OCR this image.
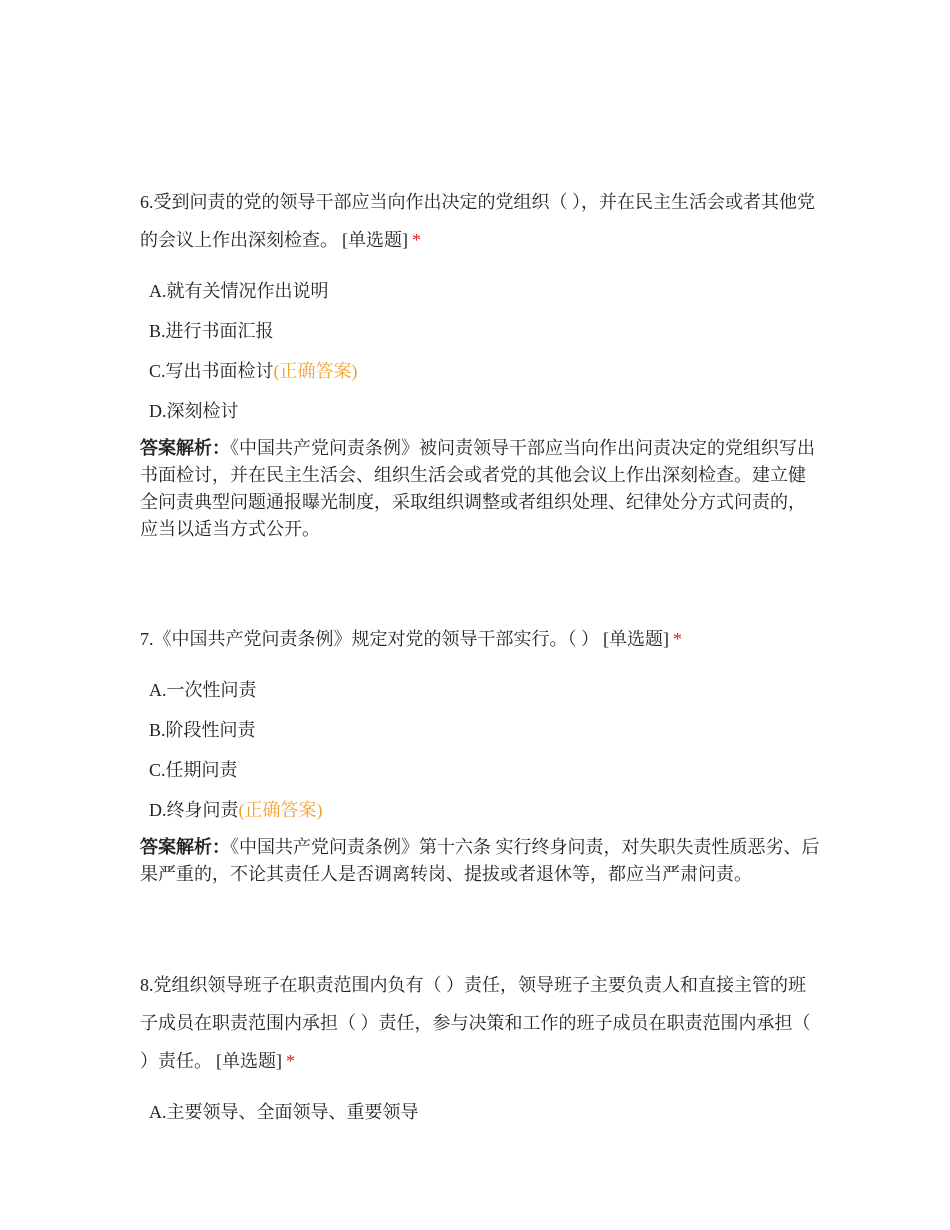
6.受到问责的党的领导干部应当向作出决定的党组织（ ），并在民主生活会或者其他党的会议上作出深刻检查。 [单选题] *

A.就有关情况作出说明
B.进行书面汇报
C.写出书面检讨(正确答案)
D.深刻检讨

答案解析：《中国共产党问责条例》被问责领导干部应当向作出问责决定的党组织写出书面检讨，并在民主生活会、组织生活会或者党的其他会议上作出深刻检查。建立健全问责典型问题通报曝光制度，采取组织调整或者组织处理、纪律处分方式问责的，应当以适当方式公开。

7.《中国共产党问责条例》规定对党的领导干部实行。（ ） [单选题] *

A.一次性问责
B.阶段性问责
C.任期问责
D.终身问责(正确答案)

答案解析：《中国共产党问责条例》第十六条 实行终身问责，对失职失责性质恶劣、后果严重的，不论其责任人是否调离转岗、提拔或者退休等，都应当严肃问责。

8.党组织领导班子在职责范围内负有（ ）责任，领导班子主要负责人和直接主管的班子成员在职责范围内承担（ ）责任，参与决策和工作的班子成员在职责范围内承担（ ）责任。 [单选题] *

A.主要领导、全面领导、重要领导
